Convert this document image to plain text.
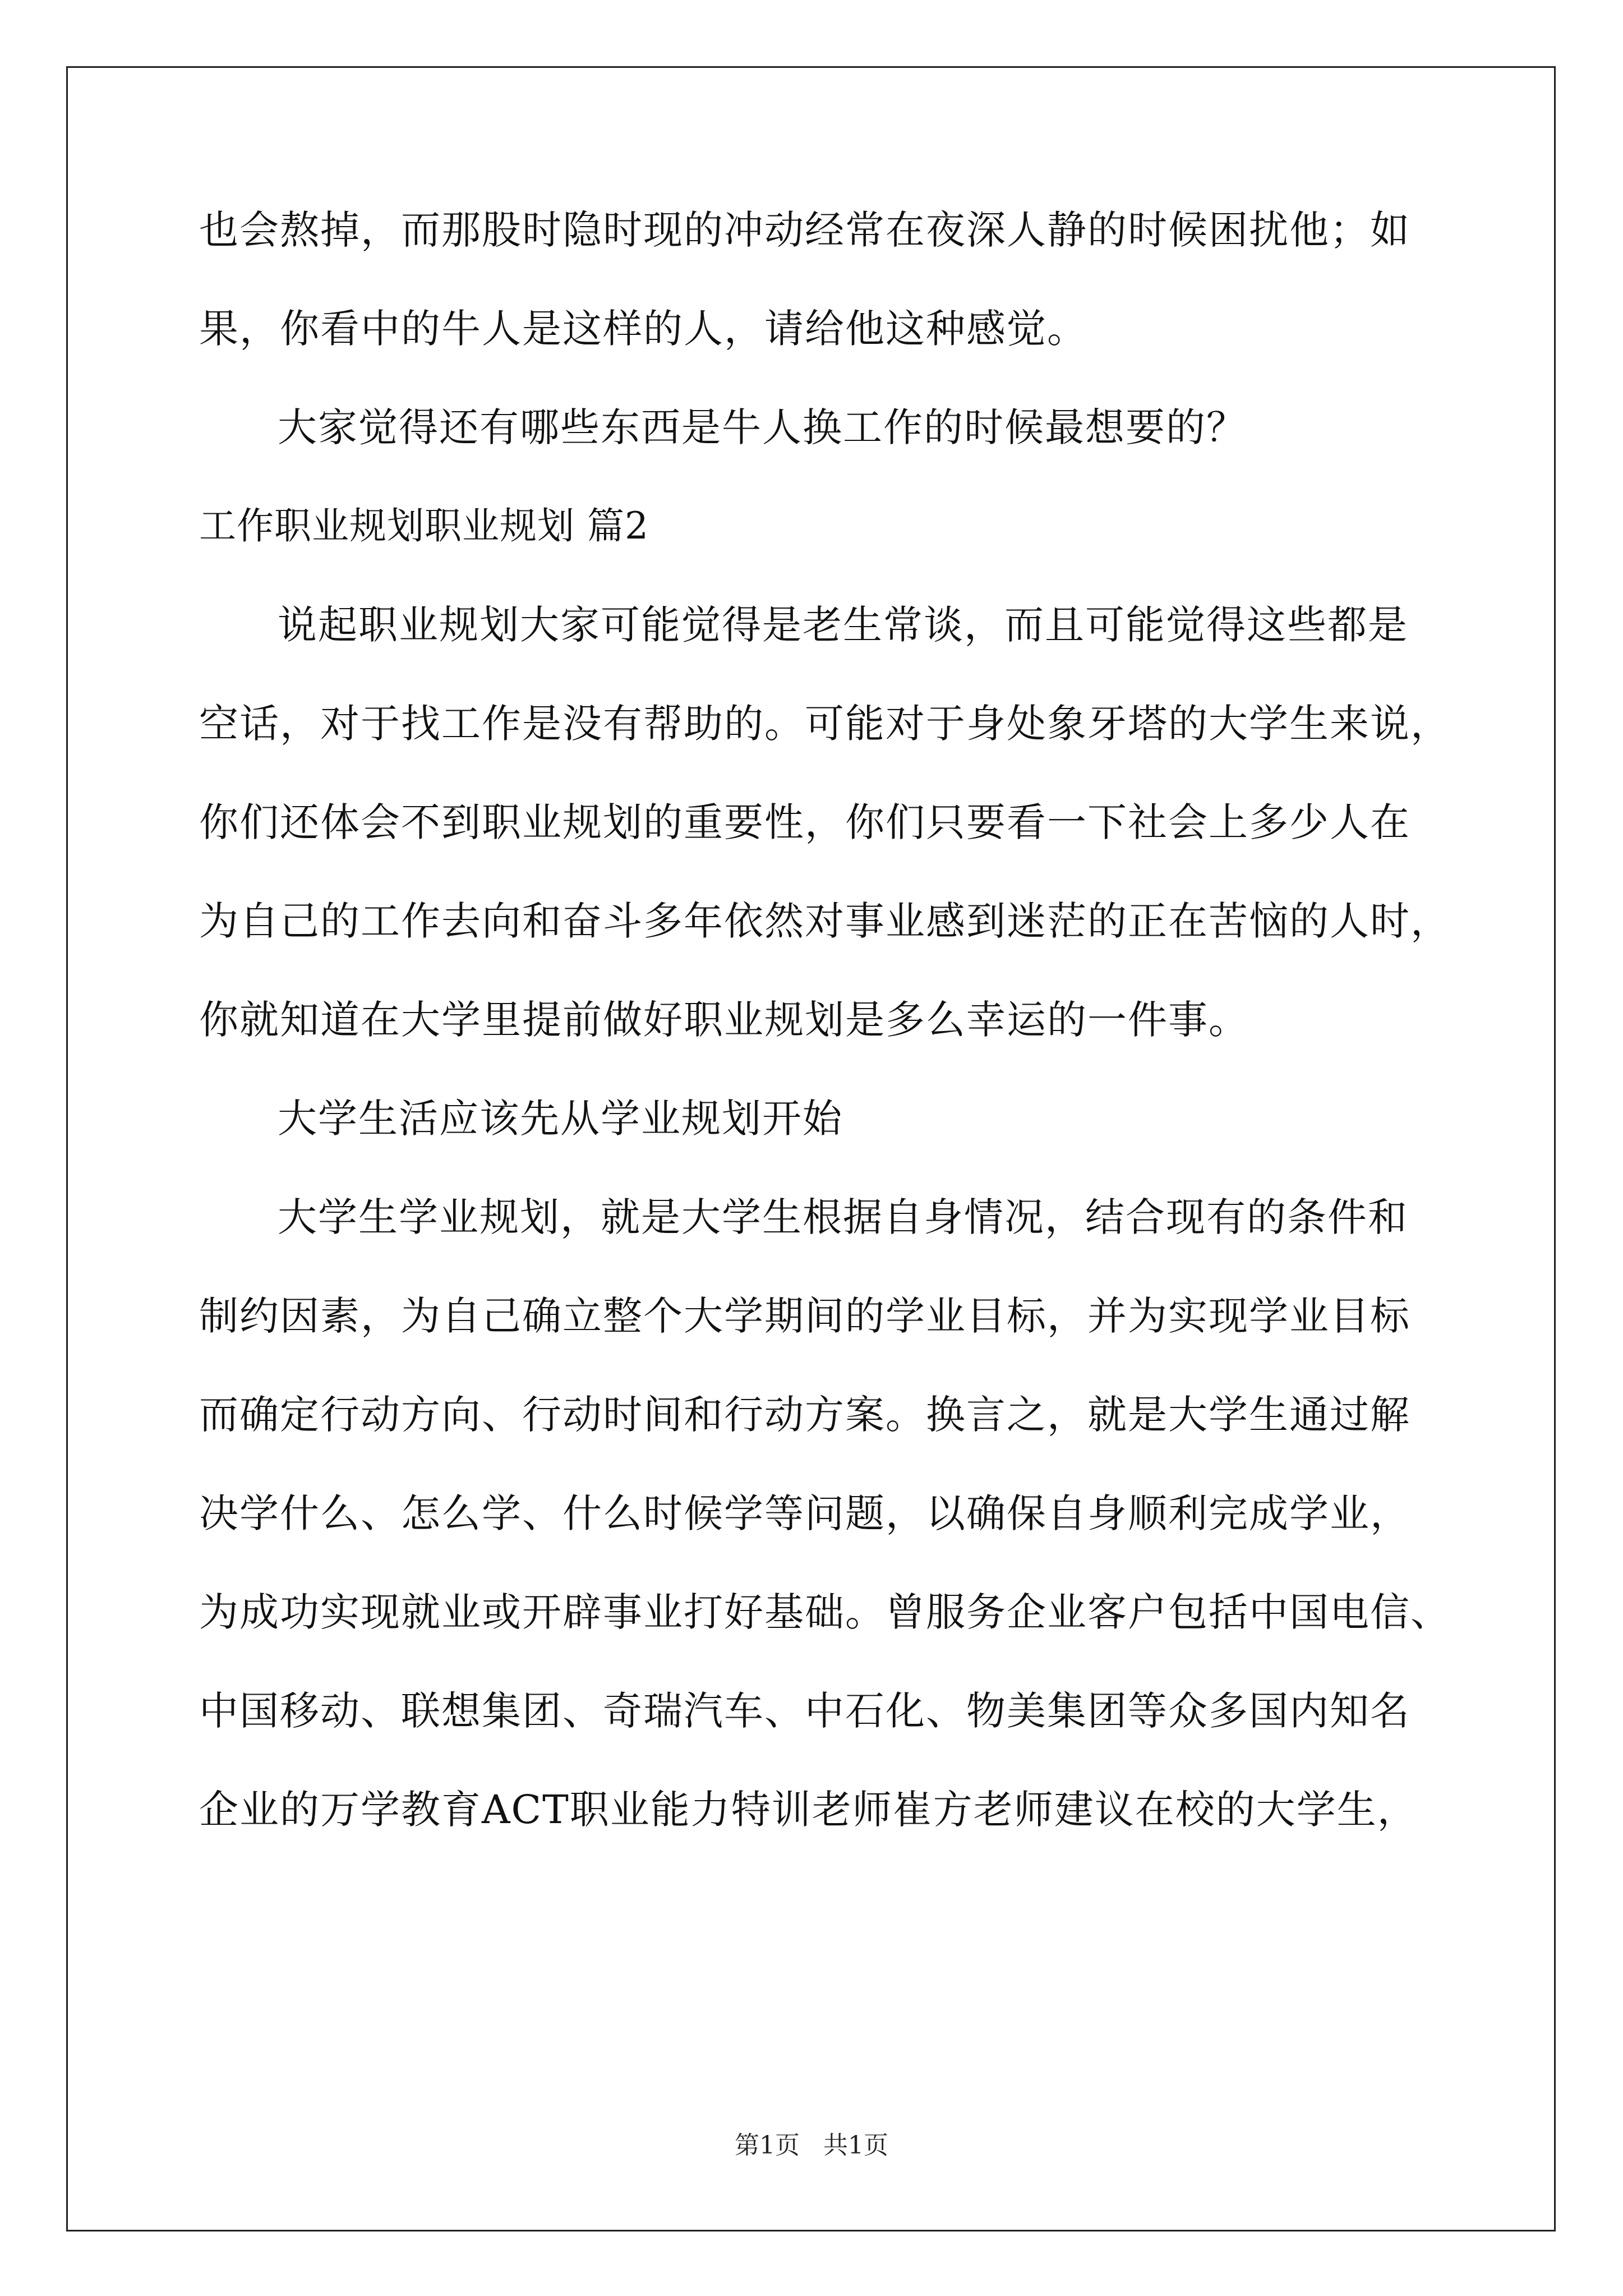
也会熬掉，而那股时隐时现的冲动经常在夜深人静的时候困扰他；如
果，你看中的牛人是这样的人，请给他这种感觉。
大家觉得还有哪些东西是牛人换工作的时候最想要的？
工作职业规划职业规划 篇2
说起职业规划大家可能觉得是老生常谈，而且可能觉得这些都是
空话，对于找工作是没有帮助的。可能对于身处象牙塔的大学生来说，
你们还体会不到职业规划的重要性，你们只要看一下社会上多少人在
为自己的工作去向和奋斗多年依然对事业感到迷茫的正在苦恼的人时，
你就知道在大学里提前做好职业规划是多么幸运的一件事。
大学生活应该先从学业规划开始
大学生学业规划，就是大学生根据自身情况，结合现有的条件和
制约因素，为自己确立整个大学期间的学业目标，并为实现学业目标
而确定行动方向、行动时间和行动方案。换言之，就是大学生通过解
决学什么、怎么学、什么时候学等问题，以确保自身顺利完成学业，
为成功实现就业或开辟事业打好基础。曾服务企业客户包括中国电信、
中国移动、联想集团、奇瑞汽车、中石化、物美集团等众多国内知名
企业的万学教育ACT职业能力特训老师崔方老师建议在校的大学生，
第1页   共1页
